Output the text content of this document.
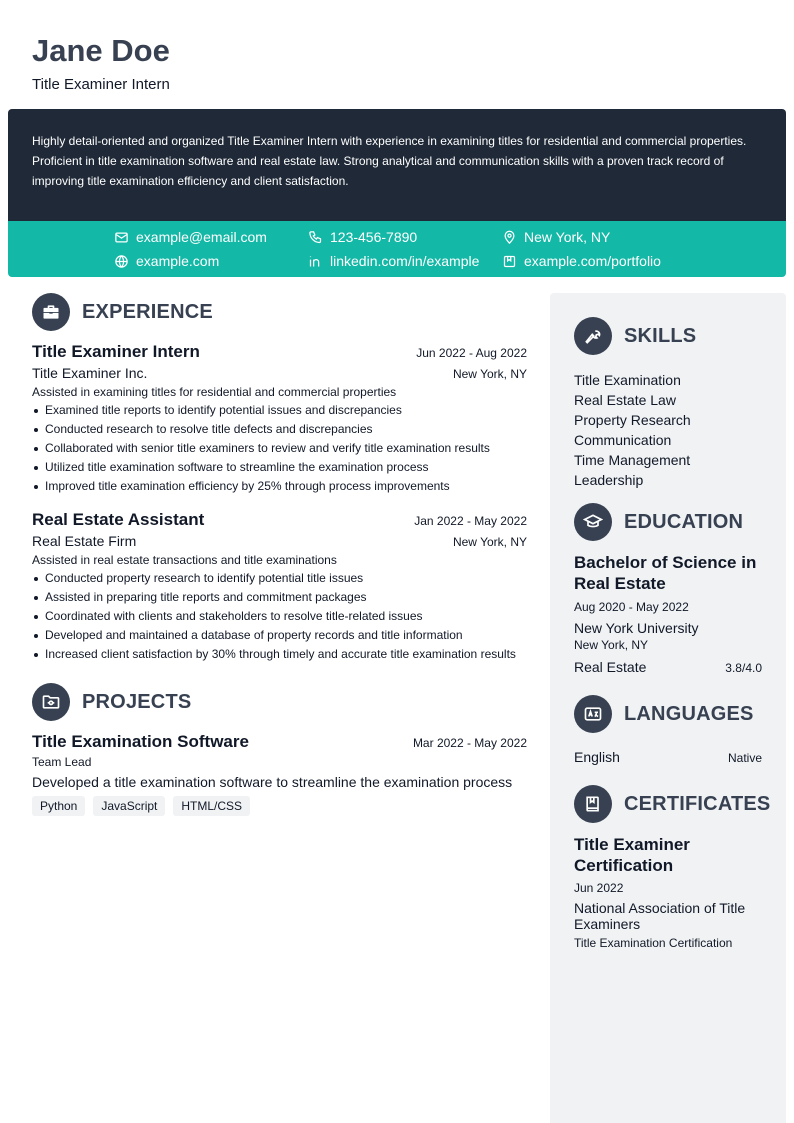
Jane Doe
Title Examiner Intern

Highly detail-oriented and organized Title Examiner Intern with experience in examining titles for residential and commercial properties. Proficient in title examination software and real estate law. Strong analytical and communication skills with a proven track record of improving title examination efficiency and client satisfaction.

example@email.com	123-456-7890	New York, NY
example.com	linkedin.com/in/example	example.com/portfolio
EXPERIENCE
Title Examiner Intern	Jun 2022 - Aug 2022
Title Examiner Inc.	New York, NY
Assisted in examining titles for residential and commercial properties
Examined title reports to identify potential issues and discrepancies
Conducted research to resolve title defects and discrepancies
Collaborated with senior title examiners to review and verify title examination results
Utilized title examination software to streamline the examination process
Improved title examination efficiency by 25% through process improvements
Real Estate Assistant	Jan 2022 - May 2022
Real Estate Firm	New York, NY
Assisted in real estate transactions and title examinations
Conducted property research to identify potential title issues
Assisted in preparing title reports and commitment packages
Coordinated with clients and stakeholders to resolve title-related issues
Developed and maintained a database of property records and title information
Increased client satisfaction by 30% through timely and accurate title examination results
PROJECTS
Title Examination Software	Mar 2022 - May 2022
Team Lead
Developed a title examination software to streamline the examination process
Python	JavaScript	HTML/CSS
SKILLS
Title Examination
Real Estate Law
Property Research
Communication
Time Management
Leadership
EDUCATION
Bachelor of Science in Real Estate
Aug 2020 - May 2022
New York University
New York, NY
Real Estate	3.8/4.0
LANGUAGES
English	Native
CERTIFICATES
Title Examiner Certification
Jun 2022
National Association of Title Examiners
Title Examination Certification
